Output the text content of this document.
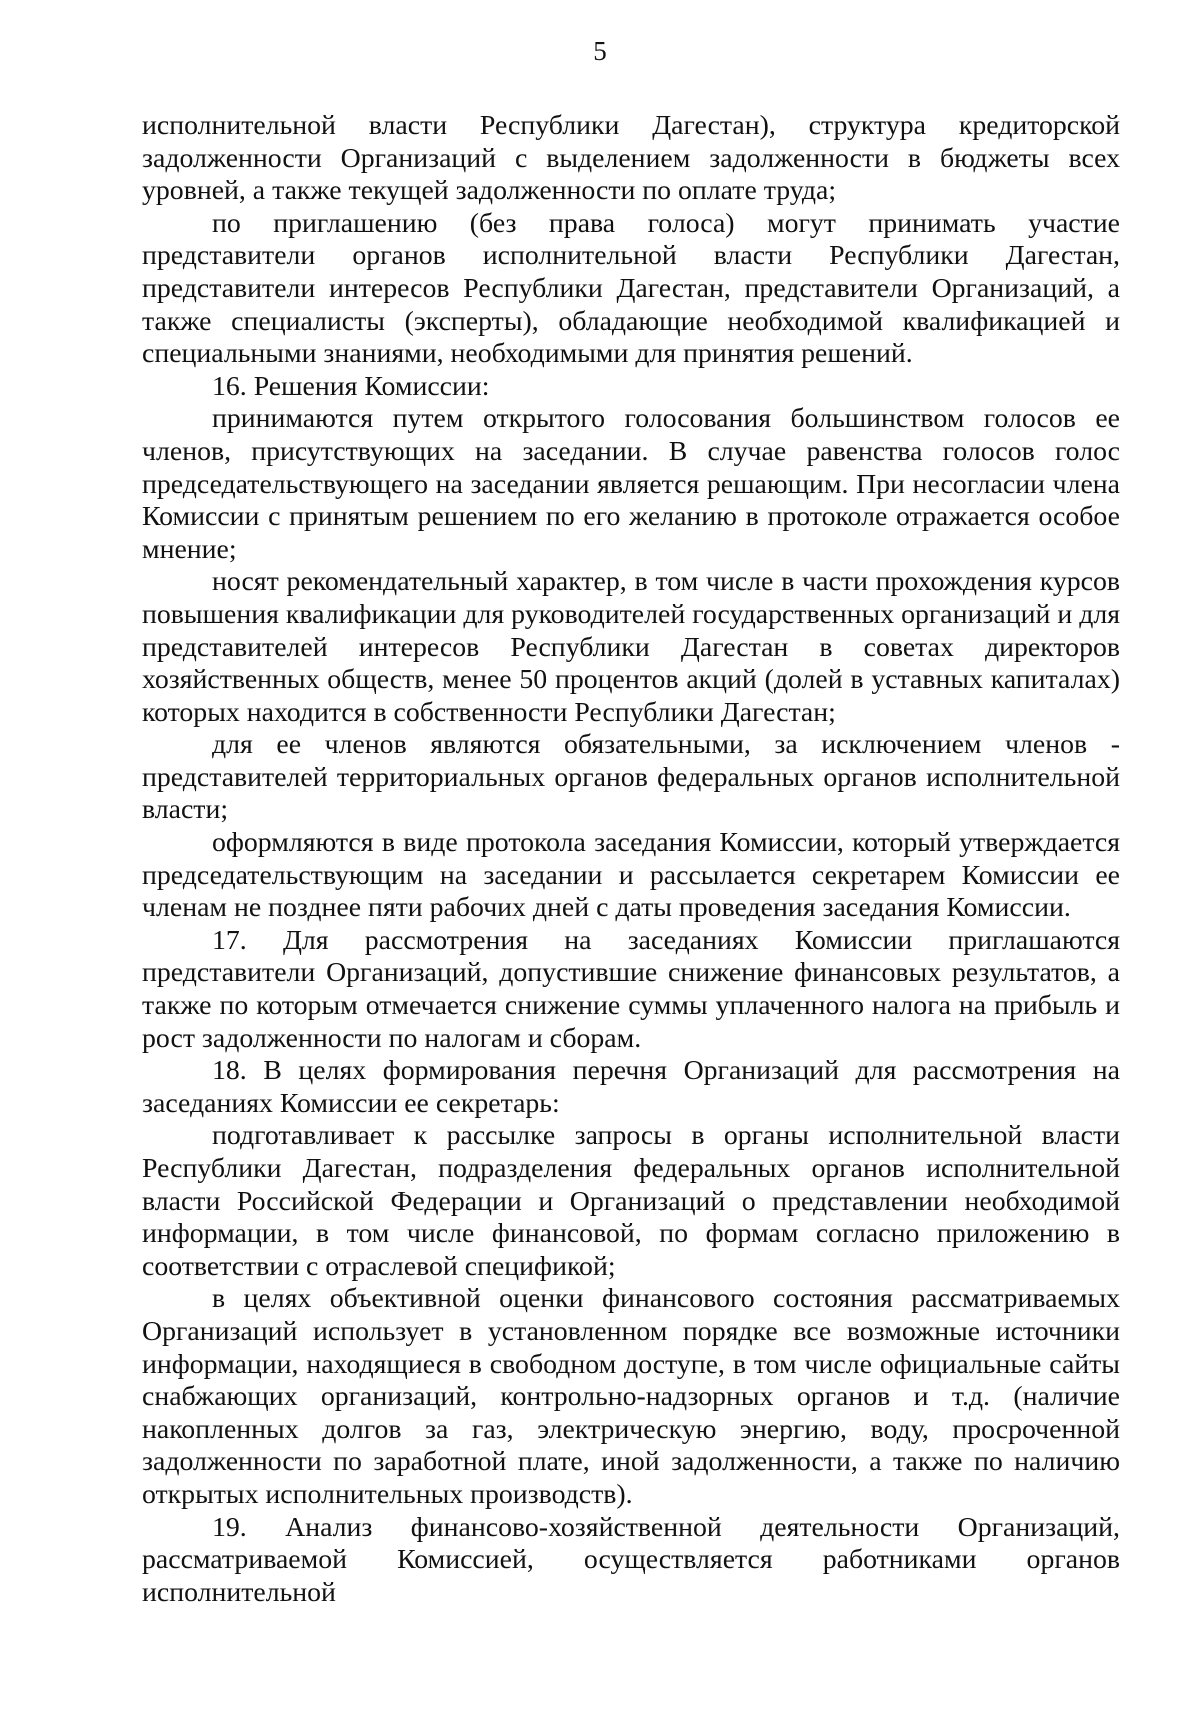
5

исполнительной власти Республики Дагестан), структура кредиторской задолженности Организаций с выделением задолженности в бюджеты всех уровней, а также текущей задолженности по оплате труда;

по приглашению (без права голоса) могут принимать участие представители органов исполнительной власти Республики Дагестан, представители интересов Республики Дагестан, представители Организаций, а также специалисты (эксперты), обладающие необходимой квалификацией и специальными знаниями, необходимыми для принятия решений.

16. Решения Комиссии:

принимаются путем открытого голосования большинством голосов ее членов, присутствующих на заседании. В случае равенства голосов голос председательствующего на заседании является решающим. При несогласии члена Комиссии с принятым решением по его желанию в протоколе отражается особое мнение;

носят рекомендательный характер, в том числе в части прохождения курсов повышения квалификации для руководителей государственных организаций и для представителей интересов Республики Дагестан в советах директоров хозяйственных обществ, менее 50 процентов акций (долей в уставных капиталах) которых находится в собственности Республики Дагестан;

для ее членов являются обязательными, за исключением членов - представителей территориальных органов федеральных органов исполнительной власти;

оформляются в виде протокола заседания Комиссии, который утверждается председательствующим на заседании и рассылается секретарем Комиссии ее членам не позднее пяти рабочих дней с даты проведения заседания Комиссии.

17. Для рассмотрения на заседаниях Комиссии приглашаются представители Организаций, допустившие снижение финансовых результатов, а также по которым отмечается снижение суммы уплаченного налога на прибыль и рост задолженности по налогам и сборам.

18. В целях формирования перечня Организаций для рассмотрения на заседаниях Комиссии ее секретарь:

подготавливает к рассылке запросы в органы исполнительной власти Республики Дагестан, подразделения федеральных органов исполнительной власти Российской Федерации и Организаций о представлении необходимой информации, в том числе финансовой, по формам согласно приложению в соответствии с отраслевой спецификой;

в целях объективной оценки финансового состояния рассматриваемых Организаций использует в установленном порядке все возможные источники информации, находящиеся в свободном доступе, в том числе официальные сайты снабжающих организаций, контрольно-надзорных органов и т.д. (наличие накопленных долгов за газ, электрическую энергию, воду, просроченной задолженности по заработной плате, иной задолженности, а также по наличию открытых исполнительных производств).

19. Анализ финансово-хозяйственной деятельности Организаций, рассматриваемой Комиссией, осуществляется работниками органов исполнительной
